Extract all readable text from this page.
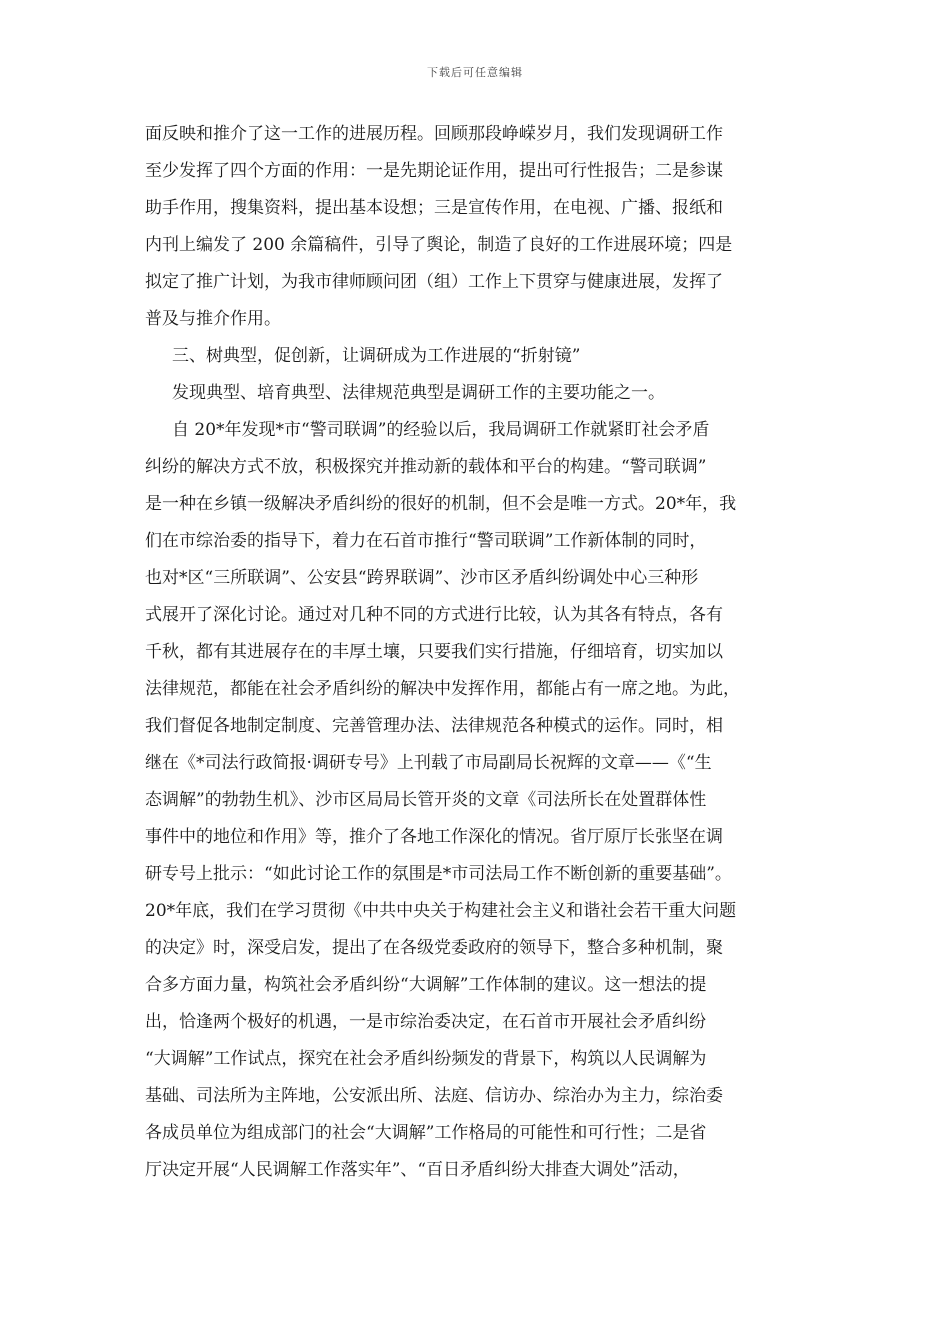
下载后可任意编辑
面反映和推介了这一工作的进展历程。回顾那段峥嵘岁月，我们发现调研工作
至少发挥了四个方面的作用：一是先期论证作用，提出可行性报告；二是参谋
助手作用，搜集资料，提出基本设想；三是宣传作用，在电视、广播、报纸和
内刊上编发了 200 余篇稿件，引导了舆论，制造了良好的工作进展环境；四是
拟定了推广计划，为我市律师顾问团（组）工作上下贯穿与健康进展，发挥了
普及与推介作用。
三、树典型，促创新，让调研成为工作进展的“折射镜”
发现典型、培育典型、法律规范典型是调研工作的主要功能之一。
自 20*年发现*市“警司联调”的经验以后，我局调研工作就紧盯社会矛盾
纠纷的解决方式不放，积极探究并推动新的载体和平台的构建。“警司联调”
是一种在乡镇一级解决矛盾纠纷的很好的机制，但不会是唯一方式。20*年，我
们在市综治委的指导下，着力在石首市推行“警司联调”工作新体制的同时，
也对*区“三所联调”、公安县“跨界联调”、沙市区矛盾纠纷调处中心三种形
式展开了深化讨论。通过对几种不同的方式进行比较，认为其各有特点，各有
千秋，都有其进展存在的丰厚土壤，只要我们实行措施，仔细培育，切实加以
法律规范，都能在社会矛盾纠纷的解决中发挥作用，都能占有一席之地。为此，
我们督促各地制定制度、完善管理办法、法律规范各种模式的运作。同时，相
继在《*司法行政简报·调研专号》上刊载了市局副局长祝辉的文章——《“生
态调解”的勃勃生机》、沙市区局局长管开炎的文章《司法所长在处置群体性
事件中的地位和作用》等，推介了各地工作深化的情况。省厅原厅长张坚在调
研专号上批示：“如此讨论工作的氛围是*市司法局工作不断创新的重要基础”。
20*年底，我们在学习贯彻《中共中央关于构建社会主义和谐社会若干重大问题
的决定》时，深受启发，提出了在各级党委政府的领导下，整合多种机制，聚
合多方面力量，构筑社会矛盾纠纷“大调解”工作体制的建议。这一想法的提
出，恰逢两个极好的机遇，一是市综治委决定，在石首市开展社会矛盾纠纷
“大调解”工作试点，探究在社会矛盾纠纷频发的背景下，构筑以人民调解为
基础、司法所为主阵地，公安派出所、法庭、信访办、综治办为主力，综治委
各成员单位为组成部门的社会“大调解”工作格局的可能性和可行性；二是省
厅决定开展“人民调解工作落实年”、“百日矛盾纠纷大排查大调处”活动，
